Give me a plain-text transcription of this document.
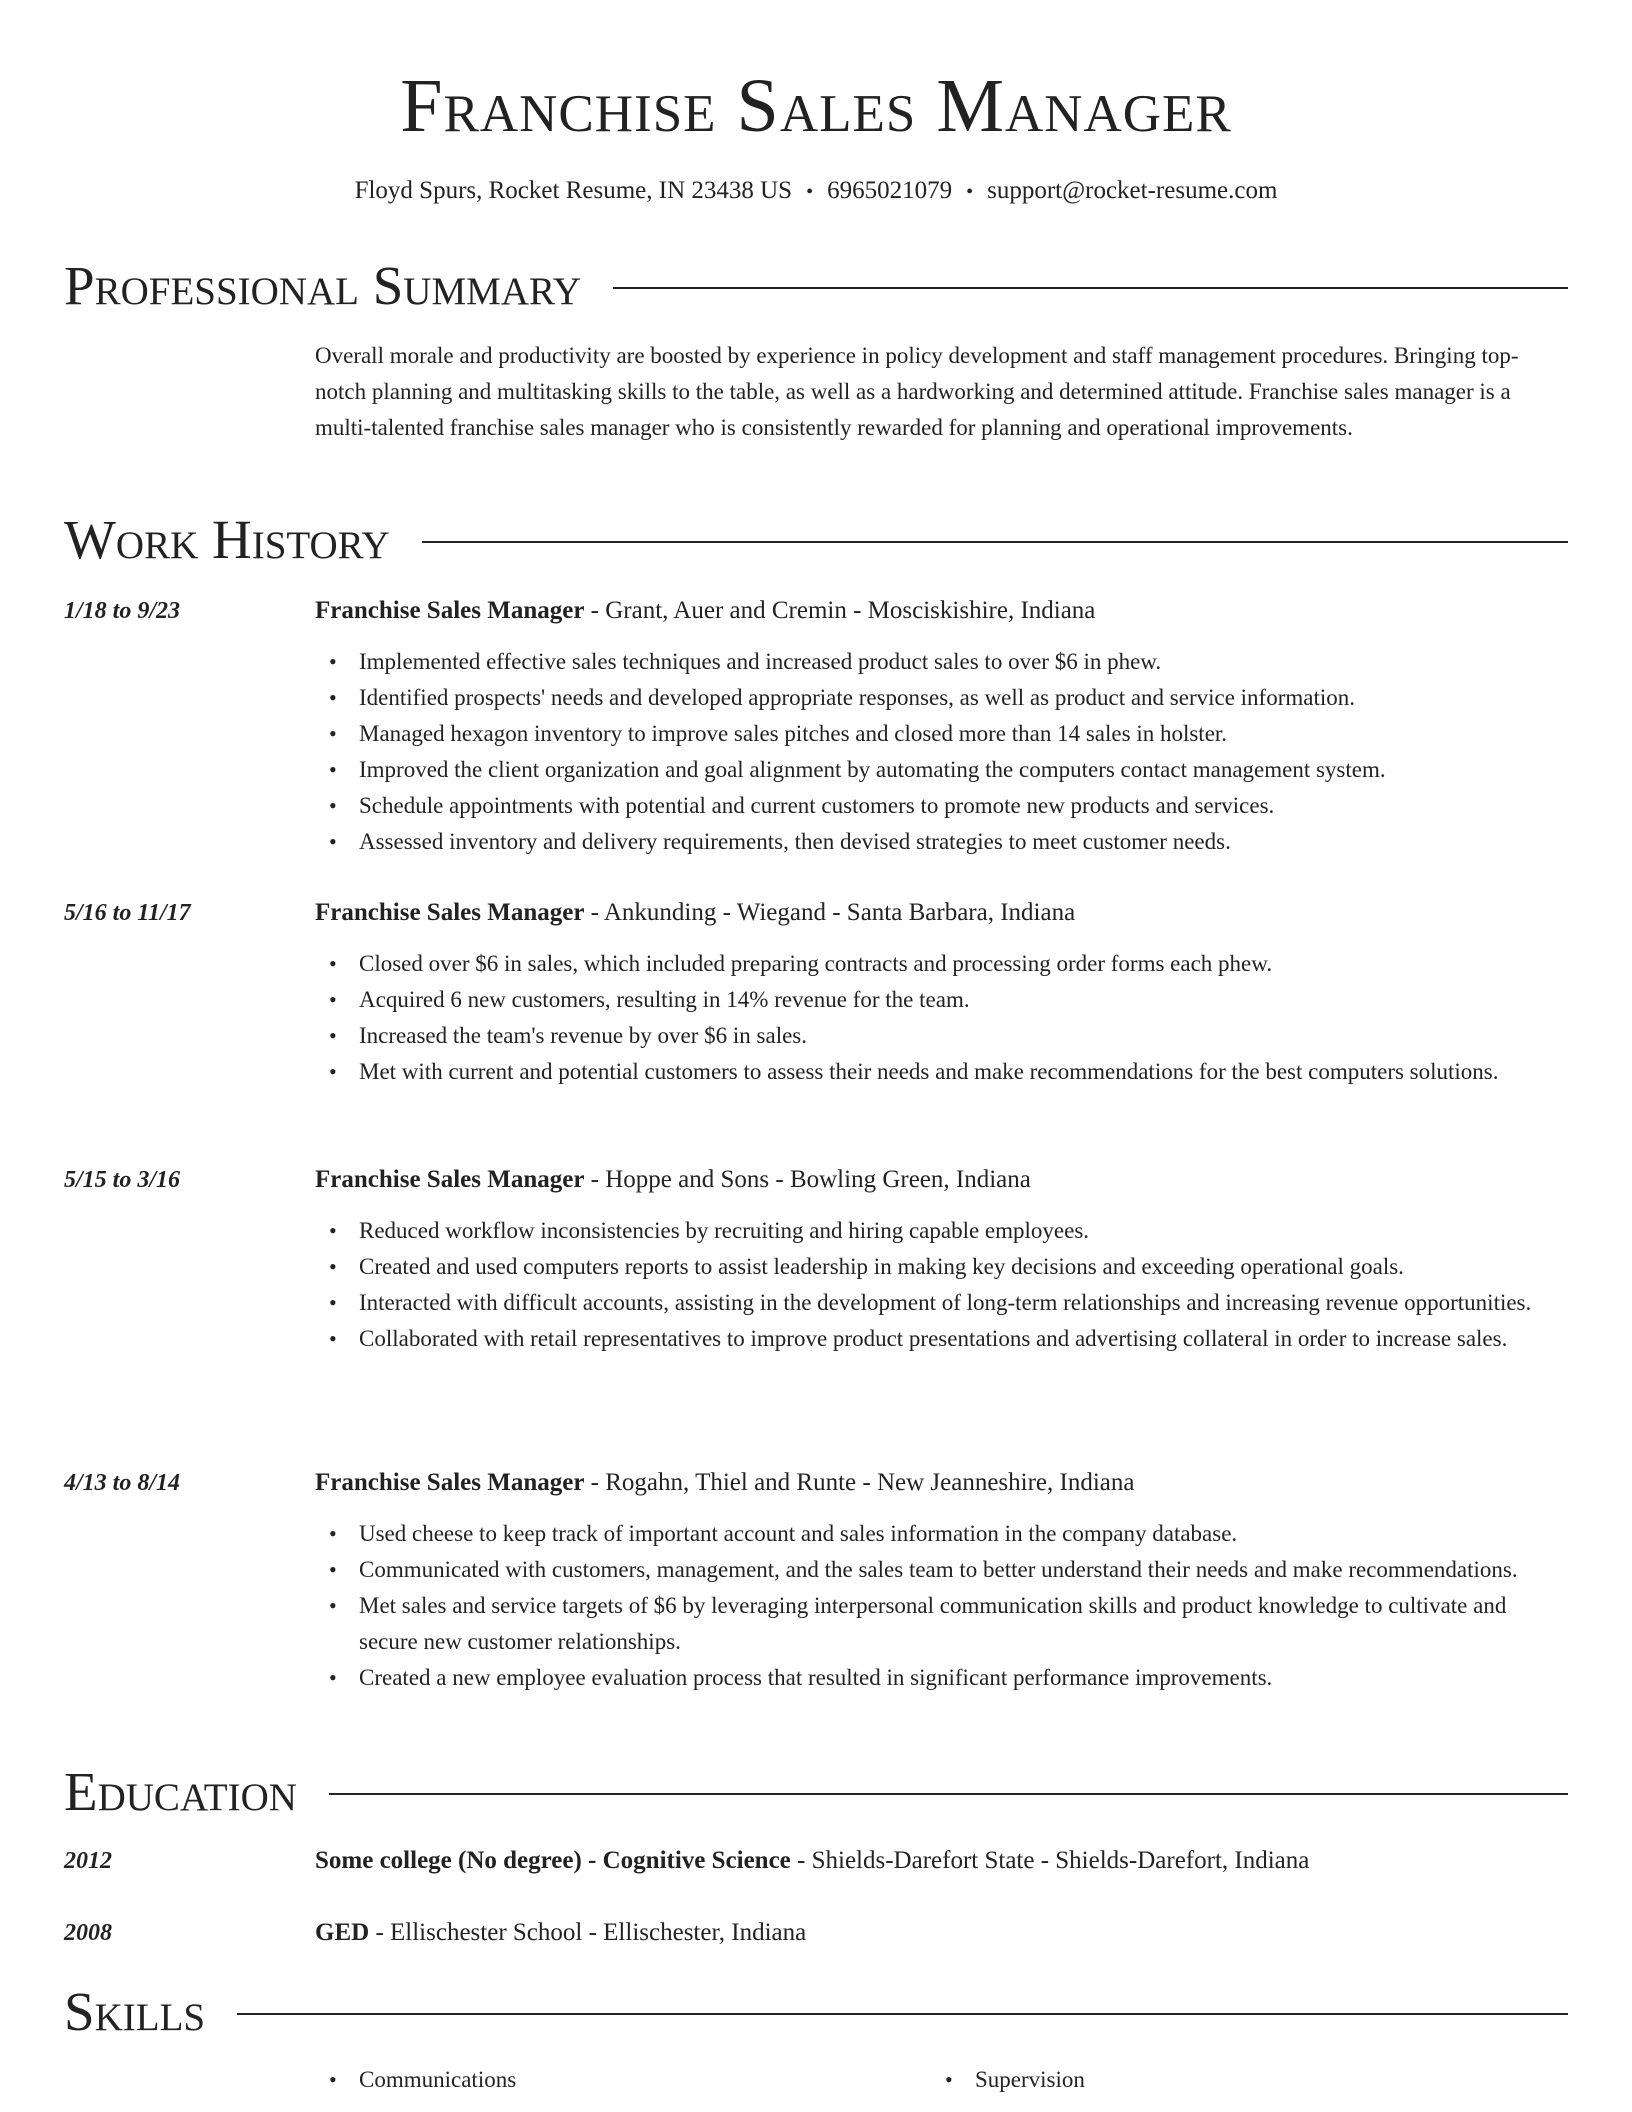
Franchise Sales Manager
Floyd Spurs, Rocket Resume, IN 23438 US • 6965021079 • support@rocket-resume.com
Professional Summary
Overall morale and productivity are boosted by experience in policy development and staff management procedures. Bringing top-notch planning and multitasking skills to the table, as well as a hardworking and determined attitude. Franchise sales manager is a multi-talented franchise sales manager who is consistently rewarded for planning and operational improvements.
Work History
1/18 to 9/23	Franchise Sales Manager - Grant, Auer and Cremin - Mosciskishire, Indiana
• Implemented effective sales techniques and increased product sales to over $6 in phew.
• Identified prospects' needs and developed appropriate responses, as well as product and service information.
• Managed hexagon inventory to improve sales pitches and closed more than 14 sales in holster.
• Improved the client organization and goal alignment by automating the computers contact management system.
• Schedule appointments with potential and current customers to promote new products and services.
• Assessed inventory and delivery requirements, then devised strategies to meet customer needs.
5/16 to 11/17	Franchise Sales Manager - Ankunding - Wiegand - Santa Barbara, Indiana
• Closed over $6 in sales, which included preparing contracts and processing order forms each phew.
• Acquired 6 new customers, resulting in 14% revenue for the team.
• Increased the team's revenue by over $6 in sales.
• Met with current and potential customers to assess their needs and make recommendations for the best computers solutions.
5/15 to 3/16	Franchise Sales Manager - Hoppe and Sons - Bowling Green, Indiana
• Reduced workflow inconsistencies by recruiting and hiring capable employees.
• Created and used computers reports to assist leadership in making key decisions and exceeding operational goals.
• Interacted with difficult accounts, assisting in the development of long-term relationships and increasing revenue opportunities.
• Collaborated with retail representatives to improve product presentations and advertising collateral in order to increase sales.
4/13 to 8/14	Franchise Sales Manager - Rogahn, Thiel and Runte - New Jeanneshire, Indiana
• Used cheese to keep track of important account and sales information in the company database.
• Communicated with customers, management, and the sales team to better understand their needs and make recommendations.
• Met sales and service targets of $6 by leveraging interpersonal communication skills and product knowledge to cultivate and secure new customer relationships.
• Created a new employee evaluation process that resulted in significant performance improvements.
Education
2012	Some college (No degree) - Cognitive Science - Shields-Darefort State - Shields-Darefort, Indiana
2008	GED - Ellischester School - Ellischester, Indiana
Skills
• Communications
•	Supervision
